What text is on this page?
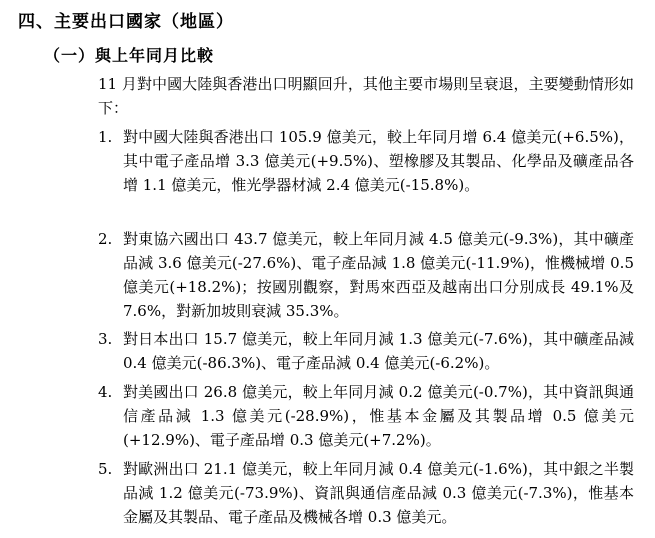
四、主要出口國家（地區）
（一）與上年同月比較
11 月對中國大陸與香港出口明顯回升，其他主要市場則呈衰退，主要變動情形如下：
1. 對中國大陸與香港出口 105.9 億美元，較上年同月增 6.4 億美元(+6.5%)，其中電子產品增 3.3 億美元(+9.5%)、塑橡膠及其製品、化學品及礦產品各增 1.1 億美元，惟光學器材減 2.4 億美元(-15.8%)。
2. 對東協六國出口 43.7 億美元，較上年同月減 4.5 億美元(-9.3%)，其中礦產品減 3.6 億美元(-27.6%)、電子產品減 1.8 億美元(-11.9%)，惟機械增 0.5 億美元(+18.2%)；按國別觀察，對馬來西亞及越南出口分別成長 49.1%及 7.6%，對新加坡則衰減 35.3%。
3. 對日本出口 15.7 億美元，較上年同月減 1.3 億美元(-7.6%)，其中礦產品減 0.4 億美元(-86.3%)、電子產品減 0.4 億美元(-6.2%)。
4. 對美國出口 26.8 億美元，較上年同月減 0.2 億美元(-0.7%)，其中資訊與通信產品減 1.3 億美元(-28.9%)，惟基本金屬及其製品增 0.5 億美元(+12.9%)、電子產品增 0.3 億美元(+7.2%)。
5. 對歐洲出口 21.1 億美元，較上年同月減 0.4 億美元(-1.6%)，其中銀之半製品減 1.2 億美元(-73.9%)、資訊與通信產品減 0.3 億美元(-7.3%)，惟基本金屬及其製品、電子產品及機械各增 0.3 億美元。
